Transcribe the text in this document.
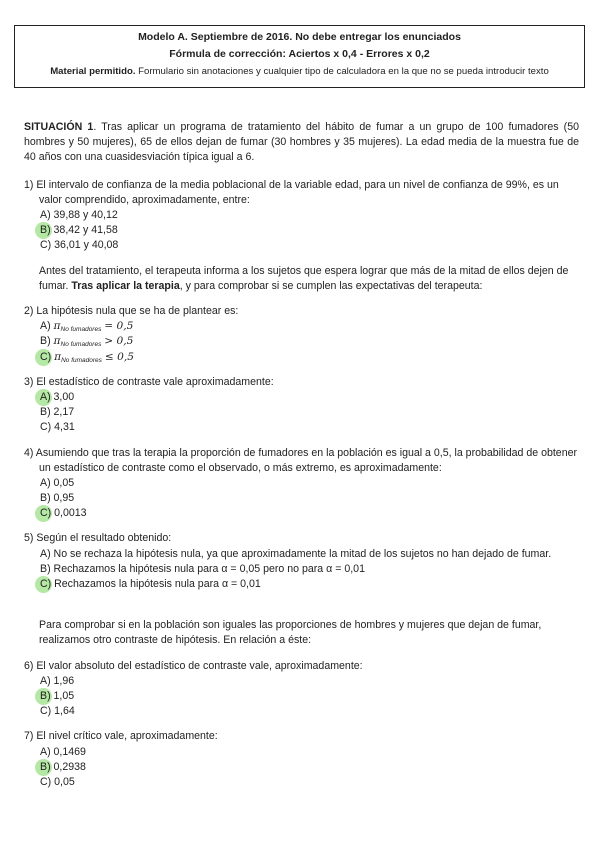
Modelo A. Septiembre de 2016. No debe entregar los enunciados
Fórmula de corrección: Aciertos x 0,4 - Errores x 0,2
Material permitido. Formulario sin anotaciones y cualquier tipo de calculadora en la que no se pueda introducir texto

SITUACIÓN 1. Tras aplicar un programa de tratamiento del hábito de fumar a un grupo de 100 fumadores (50 hombres y 50 mujeres), 65 de ellos dejan de fumar (30 hombres y 35 mujeres). La edad media de la muestra fue de 40 años con una cuasidesviación típica igual a 6.

1) El intervalo de confianza de la media poblacional de la variable edad, para un nivel de confianza de 99%, es un valor comprendido, aproximadamente, entre:
A) 39,88 y 40,12
B) 38,42 y 41,58
C) 36,01 y 40,08

Antes del tratamiento, el terapeuta informa a los sujetos que espera lograr que más de la mitad de ellos dejen de fumar. Tras aplicar la terapia, y para comprobar si se cumplen las expectativas del terapeuta:

2) La hipótesis nula que se ha de plantear es:
A) $\pi_{No fumadores} = 0,5$
B) $\pi_{No fumadores} > 0,5$
C) $\pi_{No fumadores} \le 0,5$
3) El estadístico de contraste vale aproximadamente:
A) 3,00
B) 2,17
C) 4,31
4) Asumiendo que tras la terapia la proporción de fumadores en la población es igual a 0,5, la probabilidad de obtener un estadístico de contraste como el observado, o más extremo, es aproximadamente:
A) 0,05
B) 0,95
C) 0,0013
5) Según el resultado obtenido:
A) No se rechaza la hipótesis nula, ya que aproximadamente la mitad de los sujetos no han dejado de fumar.
B) Rechazamos la hipótesis nula para α = 0,05 pero no para α = 0,01
C) Rechazamos la hipótesis nula para α = 0,01

Para comprobar si en la población son iguales las proporciones de hombres y mujeres que dejan de fumar, realizamos otro contraste de hipótesis. En relación a éste:

6) El valor absoluto del estadístico de contraste vale, aproximadamente:
A) 1,96
B) 1,05
C) 1,64
7) El nivel crítico vale, aproximadamente:
A) 0,1469
B) 0,2938
C) 0,05
